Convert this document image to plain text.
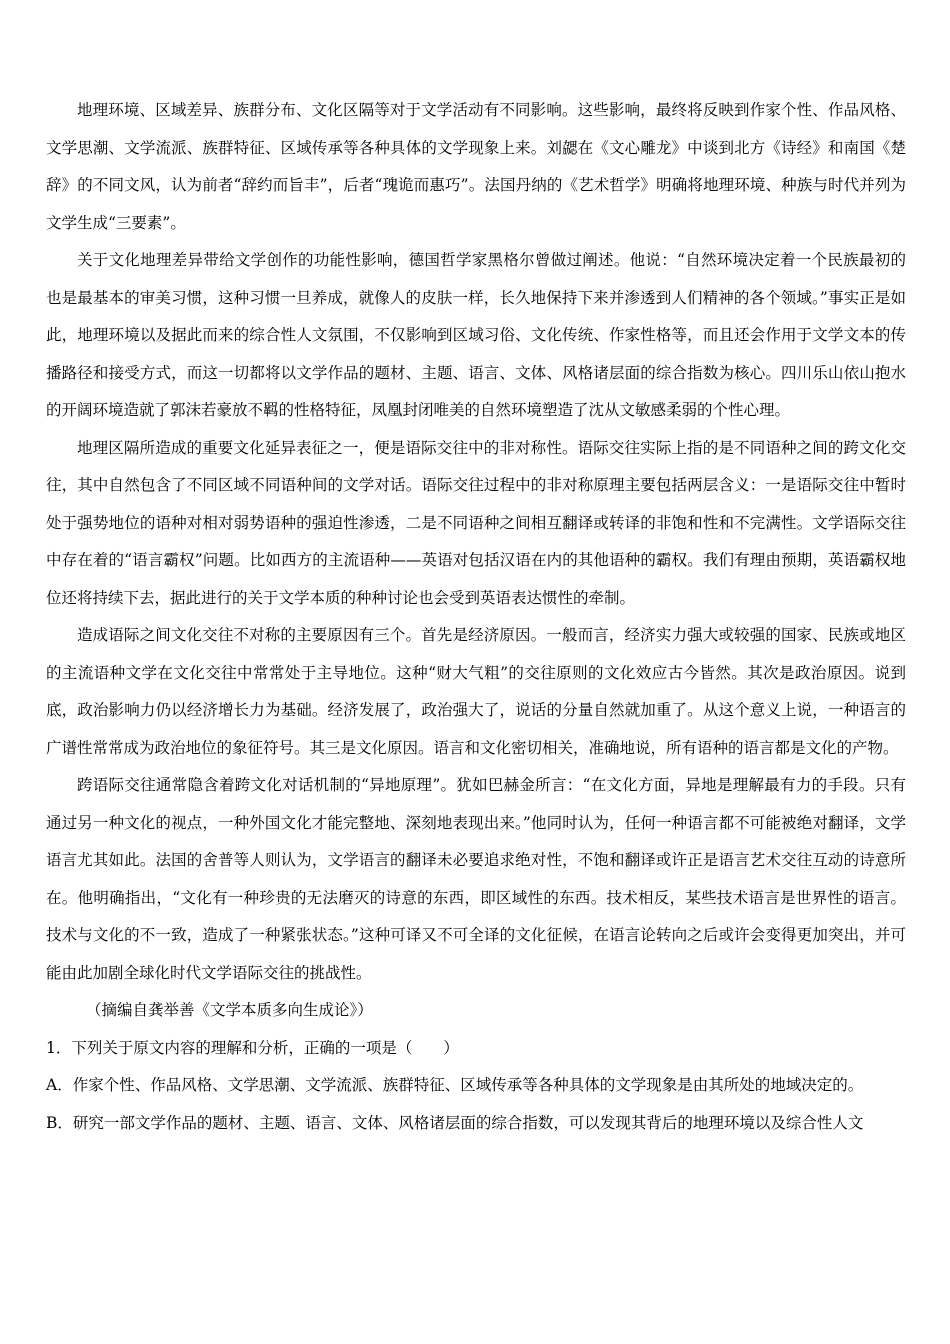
地理环境、区域差异、族群分布、文化区隔等对于文学活动有不同影响。这些影响，最终将反映到作家个性、作品风格、文学思潮、文学流派、族群特征、区域传承等各种具体的文学现象上来。刘勰在《文心雕龙》中谈到北方《诗经》和南国《楚辞》的不同文风，认为前者“辞约而旨丰”，后者“瑰诡而惠巧”。法国丹纳的《艺术哲学》明确将地理环境、种族与时代并列为文学生成“三要素”。

关于文化地理差异带给文学创作的功能性影响，德国哲学家黑格尔曾做过阐述。他说：“自然环境决定着一个民族最初的也是最基本的审美习惯，这种习惯一旦养成，就像人的皮肤一样，长久地保持下来并渗透到人们精神的各个领域。”事实正是如此，地理环境以及据此而来的综合性人文氛围，不仅影响到区域习俗、文化传统、作家性格等，而且还会作用于文学文本的传播路径和接受方式，而这一切都将以文学作品的题材、主题、语言、文体、风格诸层面的综合指数为核心。四川乐山依山抱水的开阔环境造就了郭沫若豪放不羁的性格特征，凤凰封闭唯美的自然环境塑造了沈从文敏感柔弱的个性心理。

地理区隔所造成的重要文化延异表征之一，便是语际交往中的非对称性。语际交往实际上指的是不同语种之间的跨文化交往，其中自然包含了不同区域不同语种间的文学对话。语际交往过程中的非对称原理主要包括两层含义：一是语际交往中暂时处于强势地位的语种对相对弱势语种的强迫性渗透，二是不同语种之间相互翻译或转译的非饱和性和不完满性。文学语际交往中存在着的“语言霸权”问题。比如西方的主流语种——英语对包括汉语在内的其他语种的霸权。我们有理由预期，英语霸权地位还将持续下去，据此进行的关于文学本质的种种讨论也会受到英语表达惯性的牵制。

造成语际之间文化交往不对称的主要原因有三个。首先是经济原因。一般而言，经济实力强大或较强的国家、民族或地区的主流语种文学在文化交往中常常处于主导地位。这种“财大气粗”的交往原则的文化效应古今皆然。其次是政治原因。说到底，政治影响力仍以经济增长力为基础。经济发展了，政治强大了，说话的分量自然就加重了。从这个意义上说，一种语言的广谱性常常成为政治地位的象征符号。其三是文化原因。语言和文化密切相关，准确地说，所有语种的语言都是文化的产物。

跨语际交往通常隐含着跨文化对话机制的“异地原理”。犹如巴赫金所言：“在文化方面，异地是理解最有力的手段。只有通过另一种文化的视点，一种外国文化才能完整地、深刻地表现出来。”他同时认为，任何一种语言都不可能被绝对翻译，文学语言尤其如此。法国的舍普等人则认为，文学语言的翻译未必要追求绝对性，不饱和翻译或许正是语言艺术交往互动的诗意所在。他明确指出，“文化有一种珍贵的无法磨灭的诗意的东西，即区域性的东西。技术相反，某些技术语言是世界性的语言。技术与文化的不一致，造成了一种紧张状态。”这种可译又不可全译的文化征候，在语言论转向之后或许会变得更加突出，并可能由此加剧全球化时代文学语际交往的挑战性。

（摘编自龚举善《文学本质多向生成论》）

1．下列关于原文内容的理解和分析，正确的一项是（　　）

A．作家个性、作品风格、文学思潮、文学流派、族群特征、区域传承等各种具体的文学现象是由其所处的地域决定的。

B．研究一部文学作品的题材、主题、语言、文体、风格诸层面的综合指数，可以发现其背后的地理环境以及综合性人文
